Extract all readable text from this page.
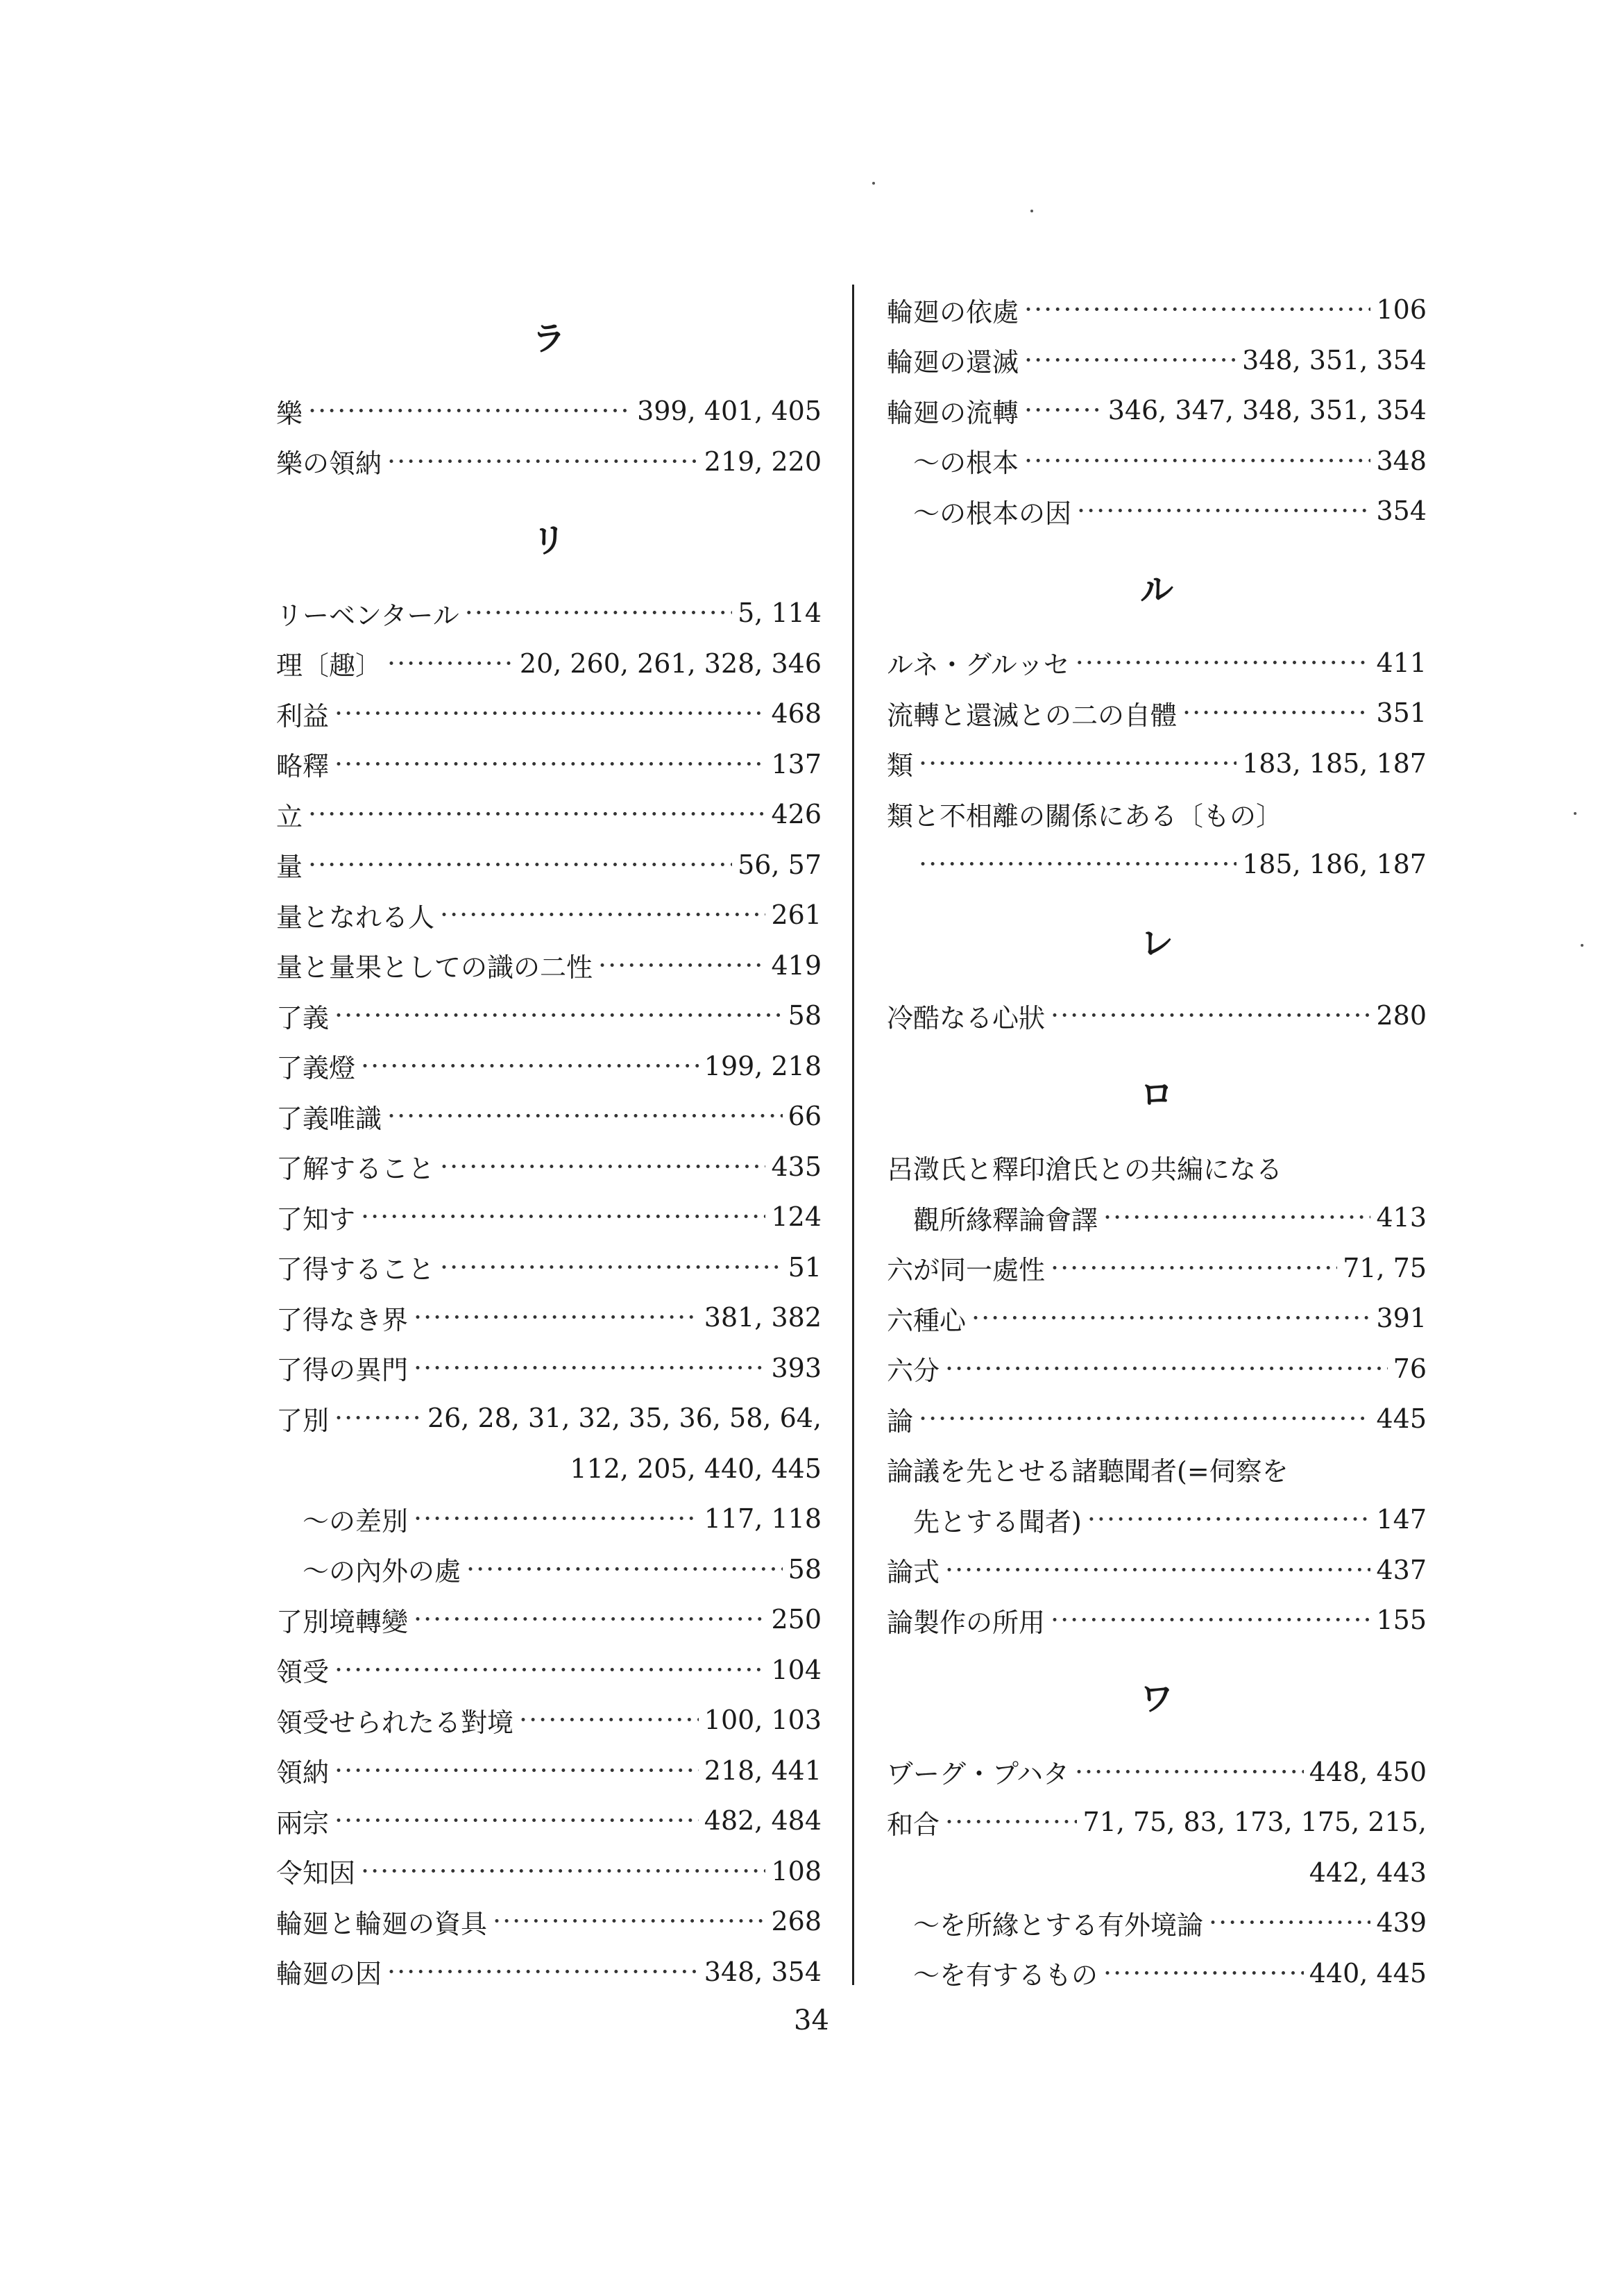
ラ
樂 ·····	399, 401, 405
樂の領納 ·····	219, 220
リ
リーベンタール ·····	5, 114
理〔趣〕 ·····	20, 260, 261, 328, 346
利益 ·····	468
略釋 ·····	137
立 ·····	426
量 ·····	56, 57
量となれる人 ·····	261
量と量果としての識の二性 ·····	419
了義 ·····	58
了義燈 ·····	199, 218
了義唯識 ·····	66
了解すること ·····	435
了知す ·····	124
了得すること ·····	51
了得なき界 ·····	381, 382
了得の異門 ·····	393
了別 ·····	26, 28, 31, 32, 35, 36, 58, 64,
112, 205, 440, 445
〜の差別 ·····	117, 118
〜の內外の處 ·····	58
了別境轉變 ·····	250
領受 ·····	104
領受せられたる對境 ·····	100, 103
領納 ·····	218, 441
兩宗 ·····	482, 484
令知因 ·····	108
輪廻と輪廻の資具 ·····	268
輪廻の因 ·····	348, 354
輪廻の依處 ·····	106
輪廻の還滅 ·····	348, 351, 354
輪廻の流轉 ·····	346, 347, 348, 351, 354
〜の根本 ·····	348
〜の根本の因 ·····	354
ル
ルネ・グルッセ ·····	411
流轉と還滅との二の自體 ·····	351
類 ·····	183, 185, 187
類と不相離の關係にある〔もの〕
·····
185, 186, 187
レ
冷酷なる心狀 ·····	280
ロ
呂澂氏と釋印滄氏との共編になる
觀所緣釋論會譯 ·····	413
六が同一處性 ·····	71, 75
六種心 ·····	391
六分 ·····	76
論 ·····	445
論議を先とせる諸聽聞者(=伺察を
先とする聞者) ·····	147
論式 ·····	437
論製作の所用 ·····	155
ワ
ヷーグ・プハタ ·····	448, 450
和合 ·····	71, 75, 83, 173, 175, 215,
442, 443
〜を所緣とする有外境論 ·····	439
〜を有するもの ·····	440, 445
34
